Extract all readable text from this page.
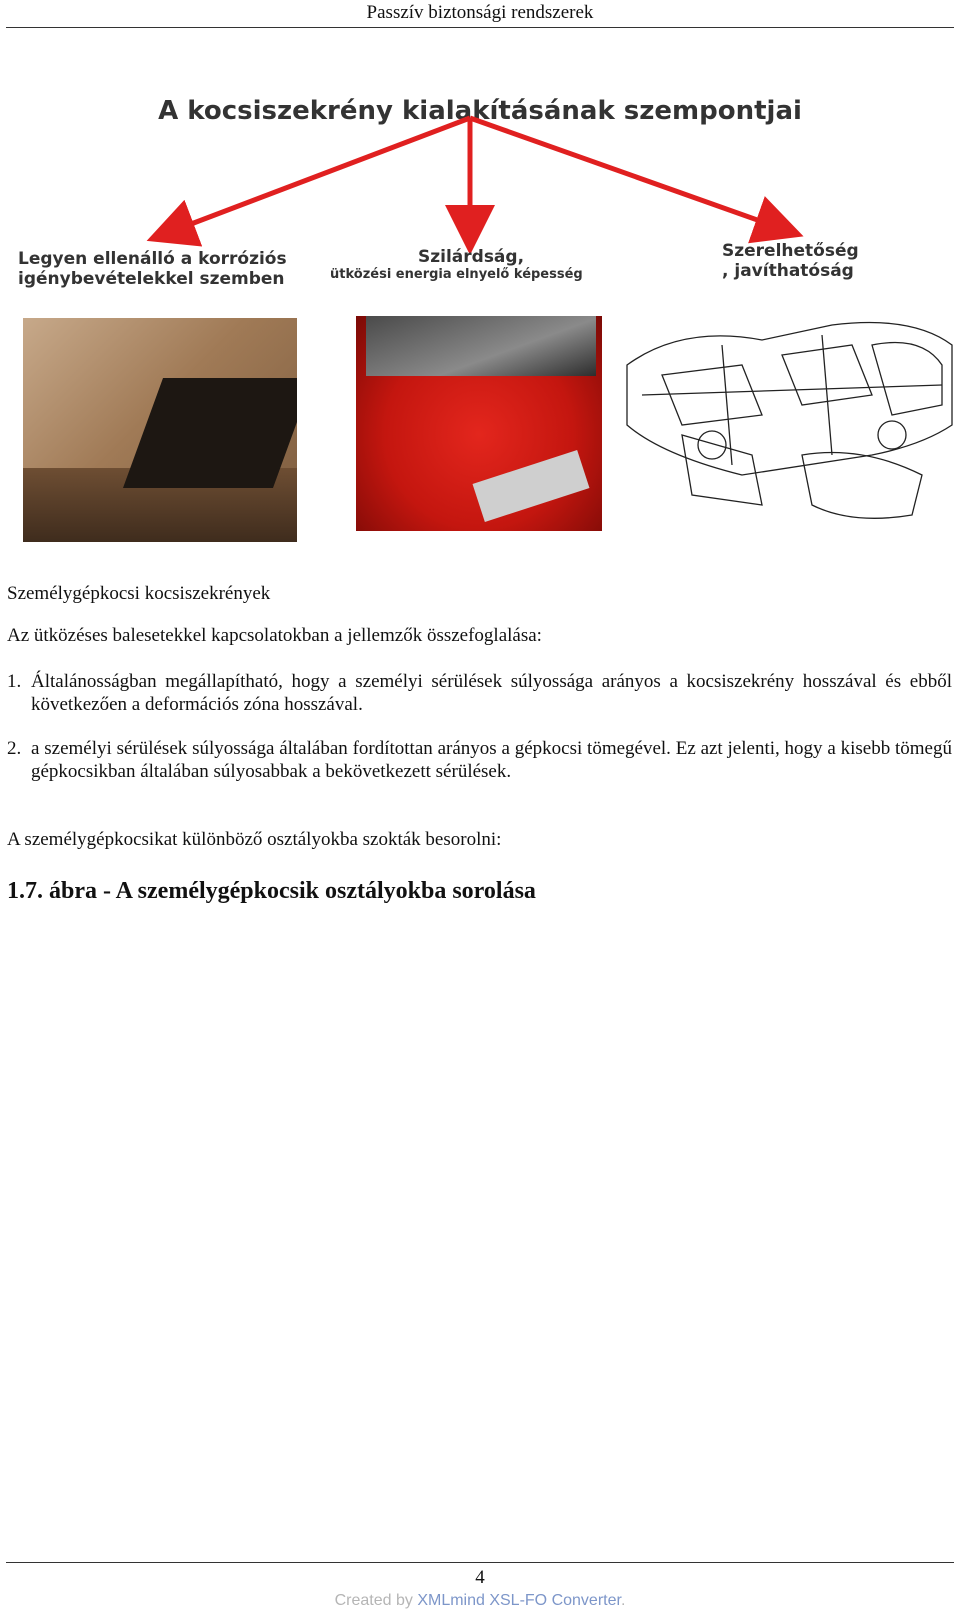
Passzív biztonsági rendszerek
A kocsiszekrény kialakításának szempontjai
Legyen ellenálló a korróziós
igénybevételekkel szemben
Szilárdság,
ütközési energia elnyelő képesség
Szerelhetőség
, javíthatóság
Személygépkocsi kocsiszekrények
Az ütközéses balesetekkel kapcsolatokban a jellemzők összefoglalása:
1. Általánosságban megállapítható, hogy a személyi sérülések súlyossága arányos a kocsiszekrény hosszával és ebből következően a deformációs zóna hosszával.
2. a személyi sérülések súlyossága általában fordítottan arányos a gépkocsi tömegével. Ez azt jelenti, hogy a kisebb tömegű gépkocsikban általában súlyosabbak a bekövetkezett sérülések.
A személygépkocsikat különböző osztályokba szokták besorolni:
1.7. ábra - A személygépkocsik osztályokba sorolása
4
Created by XMLmind XSL-FO Converter.
